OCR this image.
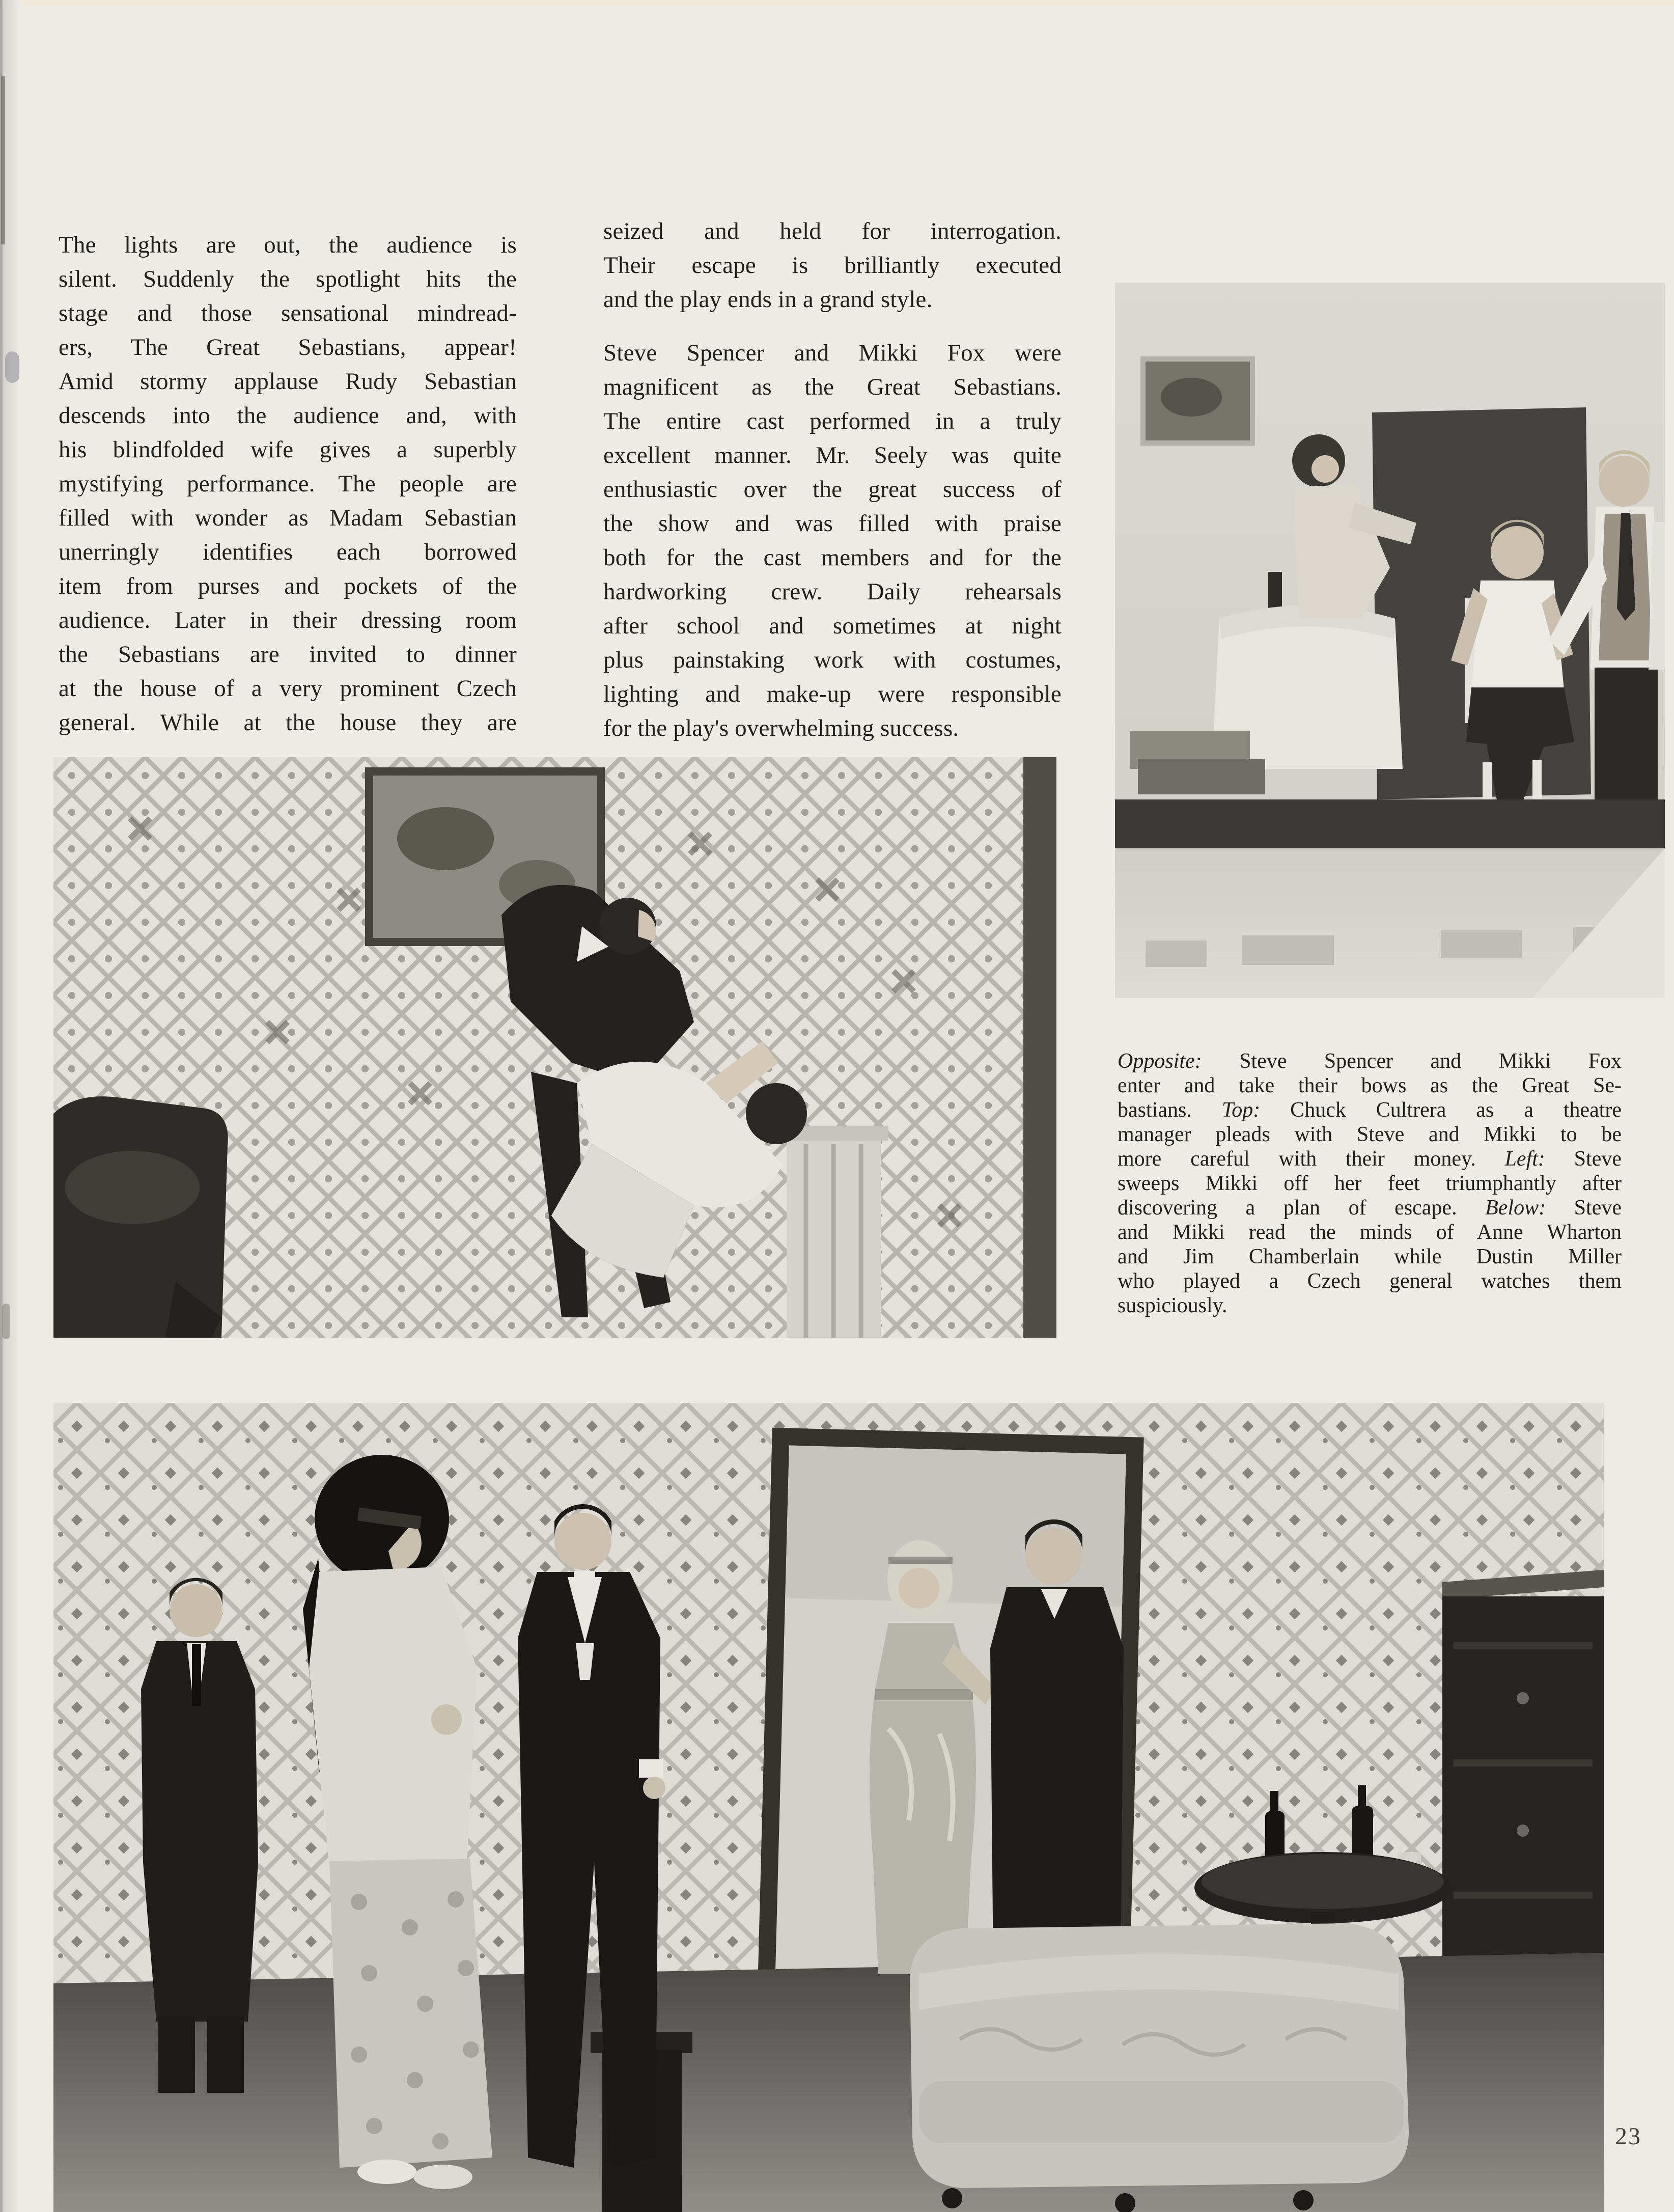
The lights are out, the audience is
silent. Suddenly the spotlight hits the
stage and those sensational mindread-
ers, The Great Sebastians, appear!
Amid stormy applause Rudy Sebastian
descends into the audience and, with
his blindfolded wife gives a superbly
mystifying performance. The people are
filled with wonder as Madam Sebastian
unerringly identifies each borrowed
item from purses and pockets of the
audience. Later in their dressing room
the Sebastians are invited to dinner
at the house of a very prominent Czech
general. While at the house they are
seized and held for interrogation.
Their escape is brilliantly executed
and the play ends in a grand style.
Steve Spencer and Mikki Fox were
magnificent as the Great Sebastians.
The entire cast performed in a truly
excellent manner. Mr. Seely was quite
enthusiastic over the great success of
the show and was filled with praise
both for the cast members and for the
hardworking crew. Daily rehearsals
after school and sometimes at night
plus painstaking work with costumes,
lighting and make-up were responsible
for the play's overwhelming success.
Opposite: Steve Spencer and Mikki Fox
enter and take their bows as the Great Se-
bastians. Top: Chuck Cultrera as a theatre
manager pleads with Steve and Mikki to be
more careful with their money. Left: Steve
sweeps Mikki off her feet triumphantly after
discovering a plan of escape. Below: Steve
and Mikki read the minds of Anne Wharton
and Jim Chamberlain while Dustin Miller
who played a Czech general watches them
suspiciously.
23
